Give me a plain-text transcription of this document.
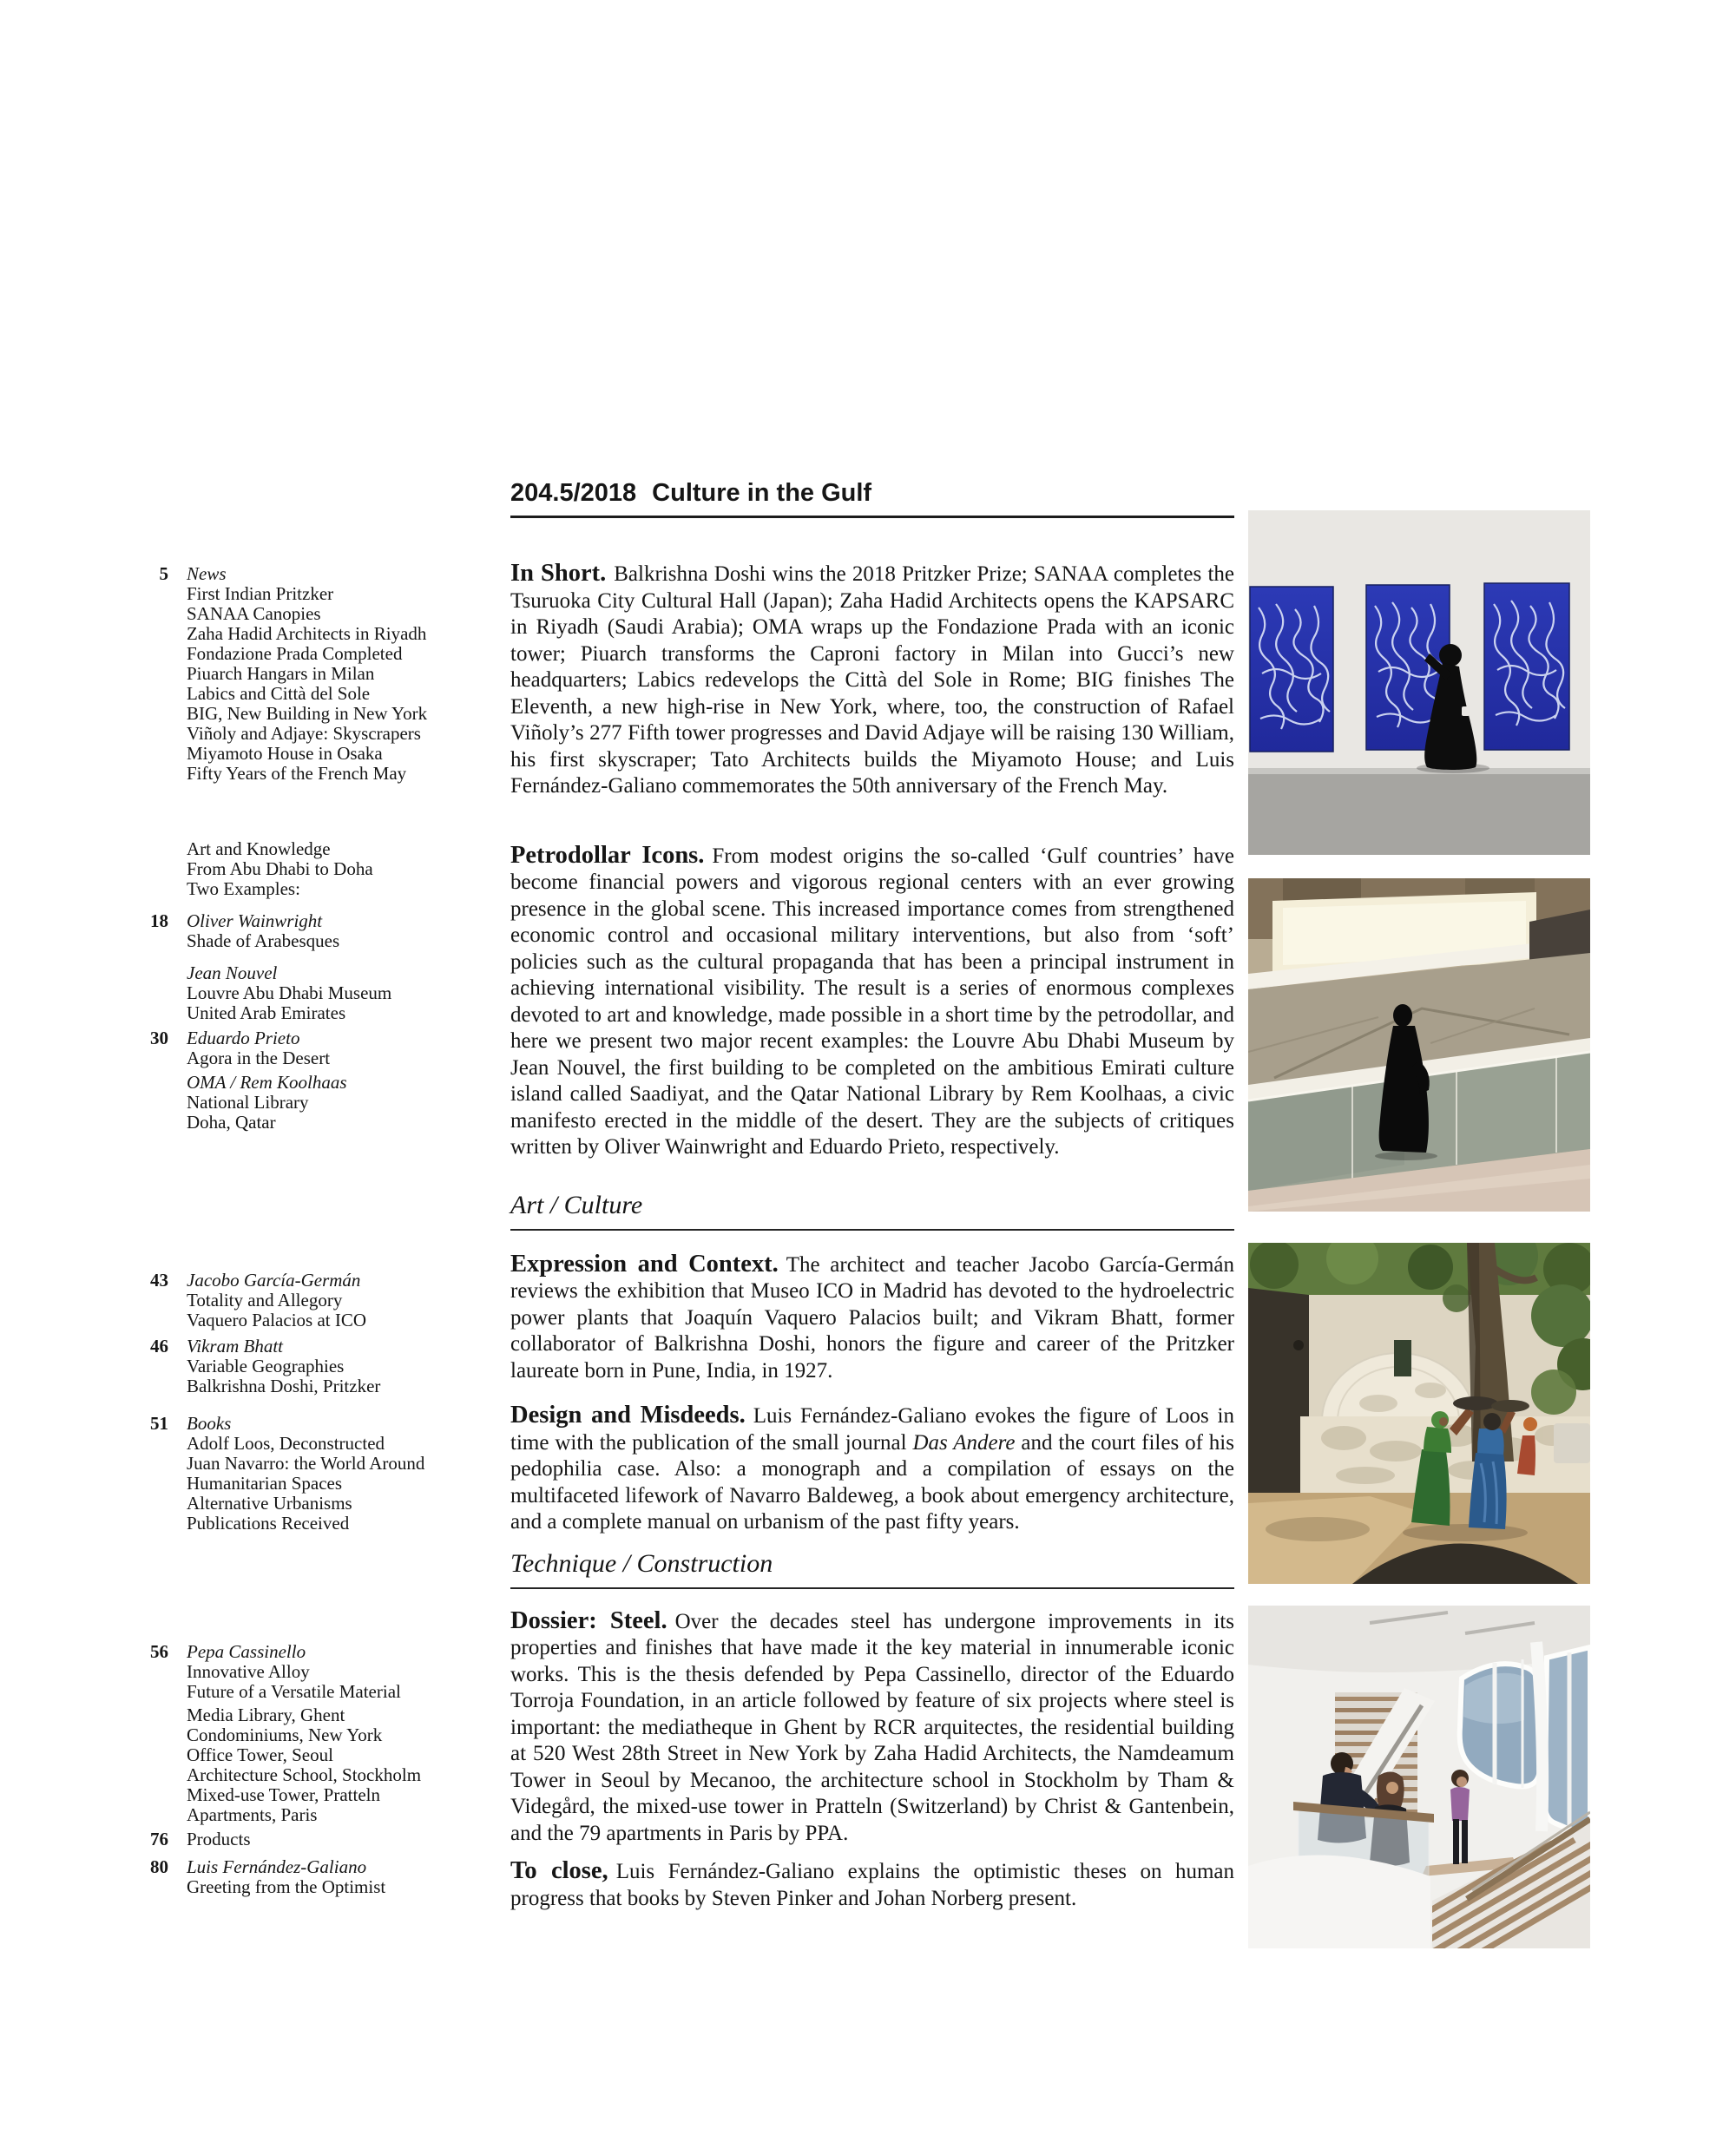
204.5/2018 Culture in the Gulf
5 News
First Indian Pritzker
SANAA Canopies
Zaha Hadid Architects in Riyadh
Fondazione Prada Completed
Piuarch Hangars in Milan
Labics and Città del Sole
BIG, New Building in New York
Viñoly and Adjaye: Skyscrapers
Miyamoto House in Osaka
Fifty Years of the French May
Art and Knowledge
From Abu Dhabi to Doha
Two Examples:
18 Oliver Wainwright
Shade of Arabesques
Jean Nouvel
Louvre Abu Dhabi Museum
United Arab Emirates
30 Eduardo Prieto
Agora in the Desert
OMA / Rem Koolhaas
National Library
Doha, Qatar
43 Jacobo García-Germán
Totality and Allegory
Vaquero Palacios at ICO
46 Vikram Bhatt
Variable Geographies
Balkrishna Doshi, Pritzker
51 Books
Adolf Loos, Deconstructed
Juan Navarro: the World Around
Humanitarian Spaces
Alternative Urbanisms
Publications Received
56 Pepa Cassinello
Innovative Alloy
Future of a Versatile Material
Media Library, Ghent
Condominiums, New York
Office Tower, Seoul
Architecture School, Stockholm
Mixed-use Tower, Pratteln
Apartments, Paris
76 Products
80 Luis Fernández-Galiano
Greeting from the Optimist

In Short. Balkrishna Doshi wins the 2018 Pritzker Prize; SANAA completes the Tsuruoka City Cultural Hall (Japan); Zaha Hadid Architects opens the KAPSARC in Riyadh (Saudi Arabia); OMA wraps up the Fondazione Prada with an iconic tower; Piuarch transforms the Caproni factory in Milan into Gucci’s new headquarters; Labics redevelops the Città del Sole in Rome; BIG finishes The Eleventh, a new high-rise in New York, where, too, the construction of Rafael Viñoly’s 277 Fifth tower progresses and David Adjaye will be raising 130 William, his first skyscraper; Tato Architects builds the Miyamoto House; and Luis Fernández-Galiano commemorates the 50th anniversary of the French May.

Petrodollar Icons. From modest origins the so-called ‘Gulf countries’ have become financial powers and vigorous regional centers with an ever growing presence in the global scene. This increased importance comes from strengthened economic control and occasional military interventions, but also from ‘soft’ policies such as the cultural propaganda that has been a principal instrument in achieving international visibility. The result is a series of enormous complexes devoted to art and knowledge, made possible in a short time by the petrodollar, and here we present two major recent examples: the Louvre Abu Dhabi Museum by Jean Nouvel, the first building to be completed on the ambitious Emirati culture island called Saadiyat, and the Qatar National Library by Rem Koolhaas, a civic manifesto erected in the middle of the desert. They are the subjects of critiques written by Oliver Wainwright and Eduardo Prieto, respectively.

Art / Culture

Expression and Context. The architect and teacher Jacobo García-Germán reviews the exhibition that Museo ICO in Madrid has devoted to the hydroelectric power plants that Joaquín Vaquero Palacios built; and Vikram Bhatt, former collaborator of Balkrishna Doshi, honors the figure and career of the Pritzker laureate born in Pune, India, in 1927.

Design and Misdeeds. Luis Fernández-Galiano evokes the figure of Loos in time with the publication of the small journal Das Andere and the court files of his pedophilia case. Also: a monograph and a compilation of essays on the multifaceted lifework of Navarro Baldeweg, a book about emergency architecture, and a complete manual on urbanism of the past fifty years.

Technique / Construction

Dossier: Steel. Over the decades steel has undergone improvements in its properties and finishes that have made it the key material in innumerable iconic works. This is the thesis defended by Pepa Cassinello, director of the Eduardo Torroja Foundation, in an article followed by feature of six projects where steel is important: the mediatheque in Ghent by RCR arquitectes, the residential building at 520 West 28th Street in New York by Zaha Hadid Architects, the Namdeamum Tower in Seoul by Mecanoo, the architecture school in Stockholm by Tham & Videgård, the mixed-use tower in Pratteln (Switzerland) by Christ & Gantenbein, and the 79 apartments in Paris by PPA.

To close, Luis Fernández-Galiano explains the optimistic theses on human progress that books by Steven Pinker and Johan Norberg present.
